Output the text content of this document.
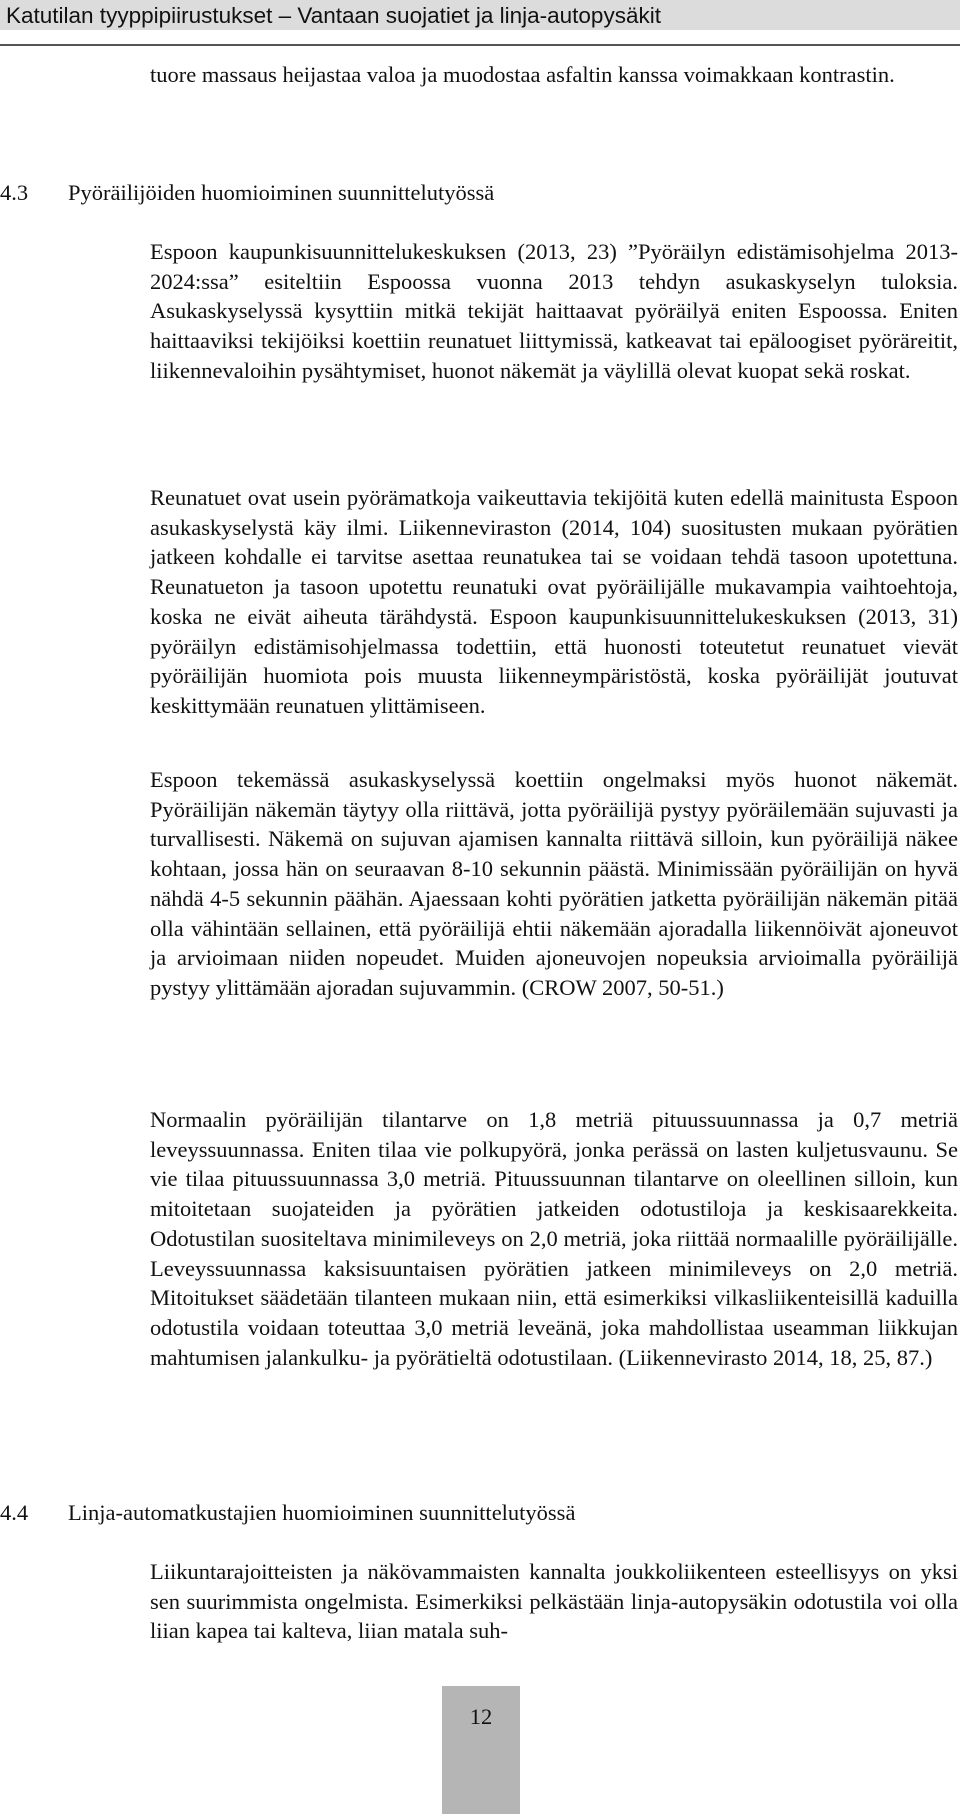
Katutilan tyyppipiirustukset – Vantaan suojatiet ja linja-autopysäkit

tuore massaus heijastaa valoa ja muodostaa asfaltin kanssa voimakkaan kontrastin.

4.3 Pyöräilijöiden huomioiminen suunnittelutyössä

Espoon kaupunkisuunnittelukeskuksen (2013, 23) ”Pyöräilyn edistämisohjelma 2013-2024:ssa” esiteltiin Espoossa vuonna 2013 tehdyn asukaskyselyn tuloksia. Asukaskyselyssä kysyttiin mitkä tekijät haittaavat pyöräilyä eniten Espoossa. Eniten haittaaviksi tekijöiksi koettiin reunatuet liittymissä, katkeavat tai epäloogiset pyöräreitit, liikennevaloihin pysähtymiset, huonot näkemät ja väylillä olevat kuopat sekä roskat.

Reunatuet ovat usein pyörämatkoja vaikeuttavia tekijöitä kuten edellä mainitusta Espoon asukaskyselystä käy ilmi. Liikenneviraston (2014, 104) suositusten mukaan pyörätien jatkeen kohdalle ei tarvitse asettaa reunatukea tai se voidaan tehdä tasoon upotettuna. Reunatueton ja tasoon upotettu reunatuki ovat pyöräilijälle mukavampia vaihtoehtoja, koska ne eivät aiheuta tärähdystä. Espoon kaupunkisuunnittelukeskuksen (2013, 31) pyöräilyn edistämisohjelmassa todettiin, että huonosti toteutetut reunatuet vievät pyöräilijän huomiota pois muusta liikenneympäristöstä, koska pyöräilijät joutuvat keskittymään reunatuen ylittämiseen.

Espoon tekemässä asukaskyselyssä koettiin ongelmaksi myös huonot näkemät. Pyöräilijän näkemän täytyy olla riittävä, jotta pyöräilijä pystyy pyöräilemään sujuvasti ja turvallisesti. Näkemä on sujuvan ajamisen kannalta riittävä silloin, kun pyöräilijä näkee kohtaan, jossa hän on seuraavan 8-10 sekunnin päästä. Minimissään pyöräilijän on hyvä nähdä 4-5 sekunnin päähän. Ajaessaan kohti pyörätien jatketta pyöräilijän näkemän pitää olla vähintään sellainen, että pyöräilijä ehtii näkemään ajoradalla liikennöivät ajoneuvot ja arvioimaan niiden nopeudet. Muiden ajoneuvojen nopeuksia arvioimalla pyöräilijä pystyy ylittämään ajoradan sujuvammin. (CROW 2007, 50-51.)

Normaalin pyöräilijän tilantarve on 1,8 metriä pituussuunnassa ja 0,7 metriä leveyssuunnassa. Eniten tilaa vie polkupyörä, jonka perässä on lasten kuljetusvaunu. Se vie tilaa pituussuunnassa 3,0 metriä. Pituussuunnan tilantarve on oleellinen silloin, kun mitoitetaan suojateiden ja pyörätien jatkeiden odotustiloja ja keskisaarekkeita. Odotustilan suositeltava minimileveys on 2,0 metriä, joka riittää normaalille pyöräilijälle. Leveyssuunnassa kaksisuuntaisen pyörätien jatkeen minimileveys on 2,0 metriä. Mitoitukset säädetään tilanteen mukaan niin, että esimerkiksi vilkasliikenteisillä kaduilla odotustila voidaan toteuttaa 3,0 metriä leveänä, joka mahdollistaa useamman liikkujan mahtumisen jalankulku- ja pyörätieltä odotustilaan. (Liikennevirasto 2014, 18, 25, 87.)

4.4 Linja-automatkustajien huomioiminen suunnittelutyössä

Liikuntarajoitteisten ja näkövammaisten kannalta joukkoliikenteen esteellisyys on yksi sen suurimmista ongelmista. Esimerkiksi pelkästään linja-autopysäkin odotustila voi olla liian kapea tai kalteva, liian matala suh-

12
